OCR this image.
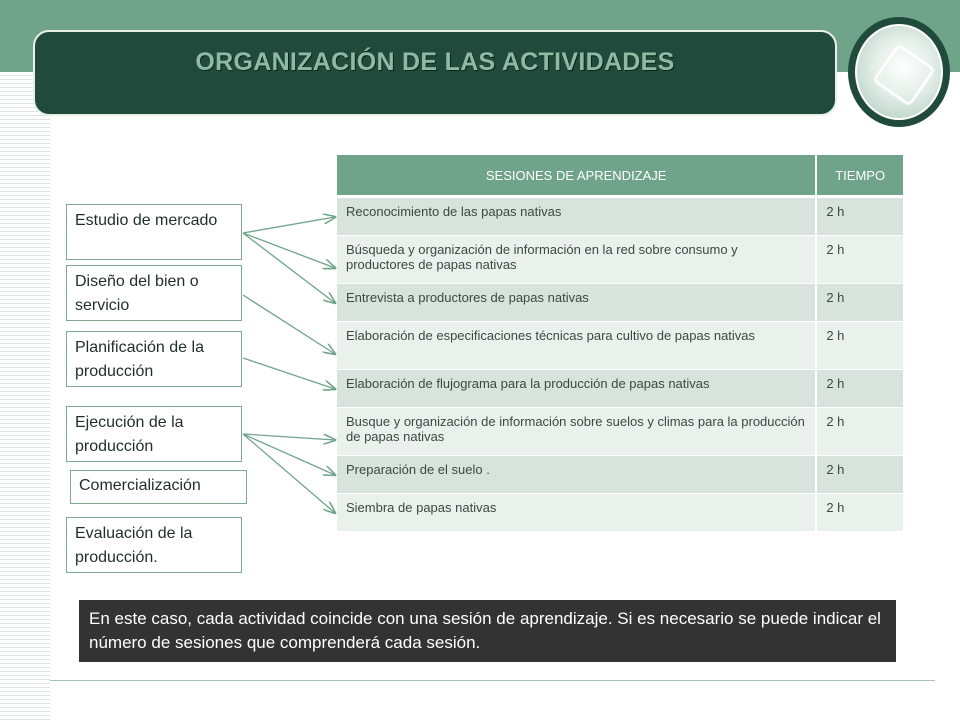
ORGANIZACIÓN DE LAS ACTIVIDADES
Estudio de mercado
Diseño del bien o servicio
Planificación de la producción
Ejecución de la producción
Comercialización
Evaluación de la producción.
SESIONES DE APRENDIZAJE	TIEMPO
Reconocimiento de las papas nativas	2 h
Búsqueda y organización de información en la red sobre consumo y productores de papas nativas	2 h
Entrevista a productores de papas nativas	2 h
Elaboración de especificaciones técnicas para cultivo de papas nativas	2 h
Elaboración de flujograma para la producción de papas nativas	2 h
Busque y organización de información sobre suelos y climas para la producción de papas nativas	2 h
Preparación de el suelo .	2 h
Siembra de papas nativas	2 h
En este caso, cada actividad coincide con una sesión de aprendizaje. Si es necesario se puede indicar el número de sesiones que comprenderá cada sesión.
